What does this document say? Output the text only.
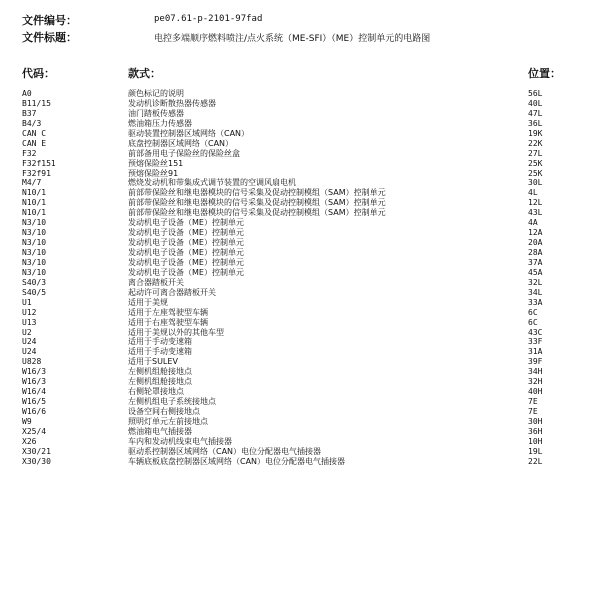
文件编号：	pe07.61-p-2101-97fad
文件标题：	电控多端顺序燃料喷注/点火系统（ME-SFI）（ME）控制单元的电路图
代码：	款式：	位置：
A0	颜色标记的说明	56L
B11/15	发动机诊断散热器传感器	40L
B37	油门踏板传感器	47L
B4/3	燃油箱压力传感器	36L
CAN C	驱动装置控制器区域网络（CAN）	19K
CAN E	底盘控制器区域网络（CAN）	22K
F32	前部备用电子保险丝的保险丝盒	27L
F32f151	预熔保险丝151	25K
F32f91	预熔保险丝91	25K
M4/7	燃烧发动机和带集成式调节装置的空调风扇电机	30L
N10/1	前部带保险丝和继电器模块的信号采集及促动控制模组（SAM）控制单元	4L
N10/1	前部带保险丝和继电器模块的信号采集及促动控制模组（SAM）控制单元	12L
N10/1	前部带保险丝和继电器模块的信号采集及促动控制模组（SAM）控制单元	43L
N3/10	发动机电子设备（ME）控制单元	4A
N3/10	发动机电子设备（ME）控制单元	12A
N3/10	发动机电子设备（ME）控制单元	20A
N3/10	发动机电子设备（ME）控制单元	28A
N3/10	发动机电子设备（ME）控制单元	37A
N3/10	发动机电子设备（ME）控制单元	45A
S40/3	离合器踏板开关	32L
S40/5	起动许可离合器踏板开关	34L
U1	适用于美规	33A
U12	适用于左座驾驶型车辆	6C
U13	适用于右座驾驶型车辆	6C
U2	适用于美规以外的其他车型	43C
U24	适用于手动变速箱	33F
U24	适用于手动变速箱	31A
U828	适用于SULEV	39F
W16/3	左侧机组舱接地点	34H
W16/3	左侧机组舱接地点	32H
W16/4	右侧轮罩接地点	40H
W16/5	左侧机组电子系统接地点	7E
W16/6	设备空间右侧接地点	7E
W9	照明灯单元左前接地点	30H
X25/4	燃油箱电气插接器	36H
X26	车内和发动机线束电气插接器	10H
X30/21	驱动系控制器区域网络（CAN）电位分配器电气插接器	19L
X30/30	车辆底板底盘控制器区域网络（CAN）电位分配器电气插接器	22L
